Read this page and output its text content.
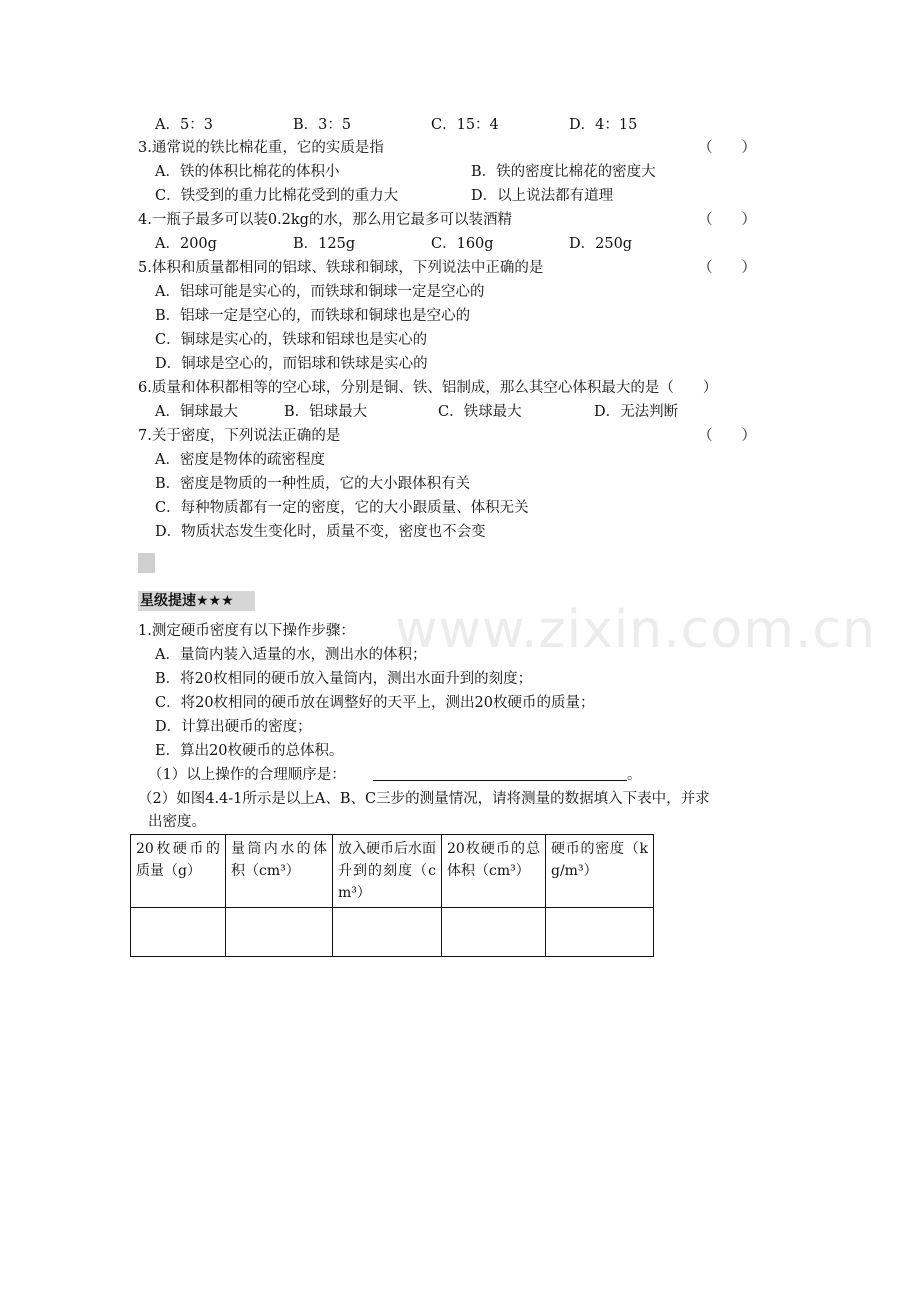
www.zixin.com.cn
A．5：3	B．3：5	C．15：4	D．4：15
3.通常说的铁比棉花重，它的实质是指	（　　）
A．铁的体积比棉花的体积小	B．铁的密度比棉花的密度大
C．铁受到的重力比棉花受到的重力大	D．以上说法都有道理
4.一瓶子最多可以装0.2kg的水，那么用它最多可以装酒精	（　　）
A．200g	B．125g	C．160g	D．250g
5.体积和质量都相同的铝球、铁球和铜球，下列说法中正确的是	（　　）
A．铝球可能是实心的，而铁球和铜球一定是空心的
B．铝球一定是空心的，而铁球和铜球也是空心的
C．铜球是实心的，铁球和铝球也是实心的
D．铜球是空心的，而铝球和铁球是实心的
6.质量和体积都相等的空心球，分别是铜、铁、铝制成，那么其空心体积最大的是（　　）
A．铜球最大	B．铝球最大	C．铁球最大	D．无法判断
7.关于密度，下列说法正确的是	（　　）
A．密度是物体的疏密程度
B．密度是物质的一种性质，它的大小跟体积有关
C．每种物质都有一定的密度，它的大小跟质量、体积无关
D．物质状态发生变化时，质量不变，密度也不会变
星级提速★★★
1.测定硬币密度有以下操作步骤：
A．量筒内装入适量的水，测出水的体积；
B．将20枚相同的硬币放入量筒内，测出水面升到的刻度；
C．将20枚相同的硬币放在调整好的天平上，测出20枚硬币的质量；
D．计算出硬币的密度；
E．算出20枚硬币的总体积。
（1）以上操作的合理顺序是：	。
（2）如图4.4-1所示是以上A、B、C三步的测量情况，请将测量的数据填入下表中，并求
出密度。
20枚硬币的质量（g）	量筒内水的体积（cm³）	放入硬币后水面升到的刻度（cm³）	20枚硬币的总体积（cm³）	硬币的密度（kg/m³）
